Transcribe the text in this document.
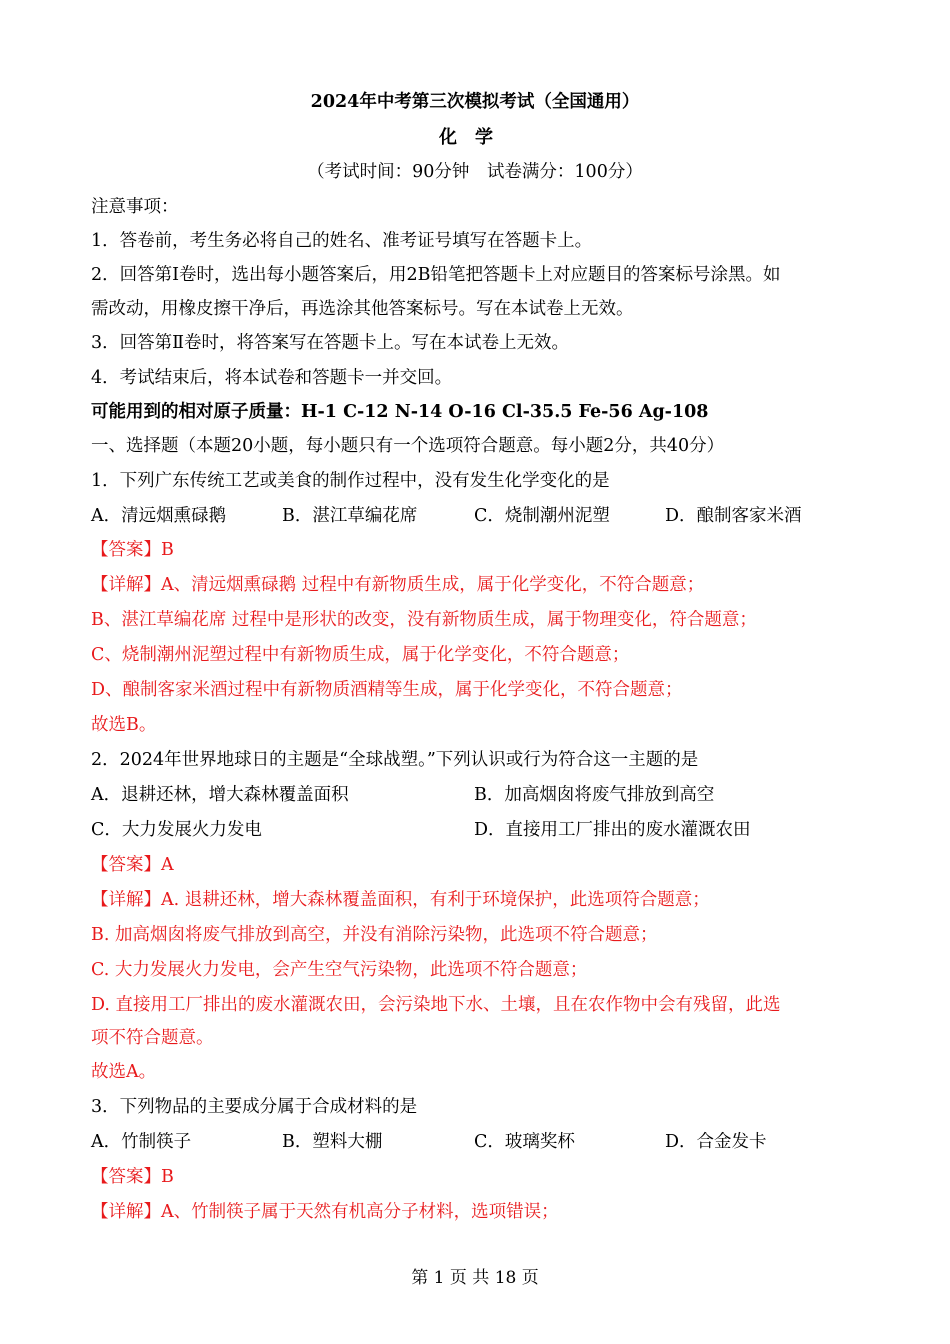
2024年中考第三次模拟考试（全国通用）
化学
（考试时间：90分钟　试卷满分：100分）
注意事项：
1．答卷前，考生务必将自己的姓名、准考证号填写在答题卡上。
2．回答第Ⅰ卷时，选出每小题答案后，用2B铅笔把答题卡上对应题目的答案标号涂黑。如
需改动，用橡皮擦干净后，再选涂其他答案标号。写在本试卷上无效。
3．回答第Ⅱ卷时，将答案写在答题卡上。写在本试卷上无效。
4．考试结束后，将本试卷和答题卡一并交回。
可能用到的相对原子质量：H-1 C-12 N-14 O-16 Cl-35.5 Fe-56 Ag-108
一、选择题（本题20小题，每小题只有一个选项符合题意。每小题2分，共40分）
1．下列广东传统工艺或美食的制作过程中，没有发生化学变化的是
A．清远烟熏碌鹅	B．湛江草编花席	C．烧制潮州泥塑	D．酿制客家米酒
【答案】B
【详解】A、清远烟熏碌鹅 过程中有新物质生成，属于化学变化，不符合题意；
B、湛江草编花席 过程中是形状的改变，没有新物质生成，属于物理变化，符合题意；
C、烧制潮州泥塑过程中有新物质生成，属于化学变化，不符合题意；
D、酿制客家米酒过程中有新物质酒精等生成，属于化学变化，不符合题意；
故选B。
2．2024年世界地球日的主题是“全球战塑。”下列认识或行为符合这一主题的是
A．退耕还林，增大森林覆盖面积	B．加高烟囱将废气排放到高空
C．大力发展火力发电	D．直接用工厂排出的废水灌溉农田
【答案】A
【详解】A. 退耕还林，增大森林覆盖面积，有利于环境保护，此选项符合题意；
B. 加高烟囱将废气排放到高空，并没有消除污染物，此选项不符合题意；
C. 大力发展火力发电，会产生空气污染物，此选项不符合题意；
D. 直接用工厂排出的废水灌溉农田，会污染地下水、土壤，且在农作物中会有残留，此选
项不符合题意。
故选A。
3．下列物品的主要成分属于合成材料的是
A．竹制筷子	B．塑料大棚	C．玻璃奖杯	D．合金发卡
【答案】B
【详解】A、竹制筷子属于天然有机高分子材料，选项错误；
第 1 页 共 18 页
